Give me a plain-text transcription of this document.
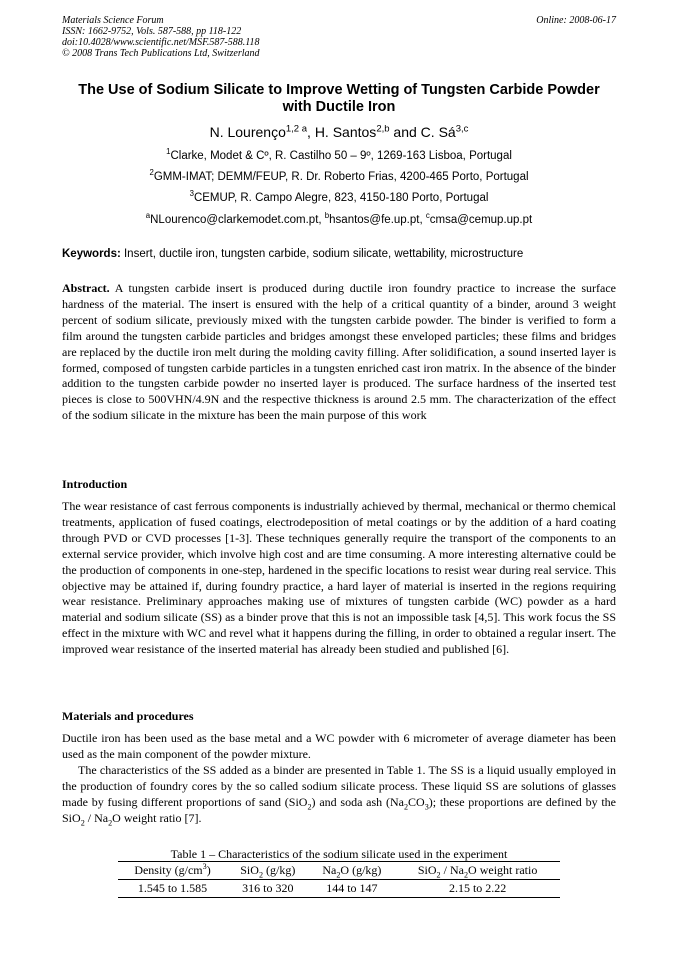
Materials Science Forum
ISSN: 1662-9752, Vols. 587-588, pp 118-122
doi:10.4028/www.scientific.net/MSF.587-588.118
© 2008 Trans Tech Publications Ltd, Switzerland
Online: 2008-06-17
The Use of Sodium Silicate to Improve Wetting of Tungsten Carbide Powder with Ductile Iron
N. Lourenço$^{1,2 a}$, H. Santos$^{2,b}$ and C. Sá$^{3,c}$
$^1$Clarke, Modet & Cº, R. Castilho 50 – 9º, 1269-163 Lisboa, Portugal
$^2$GMM-IMAT; DEMM/FEUP, R. Dr. Roberto Frias, 4200-465 Porto, Portugal
$^3$CEMUP, R. Campo Alegre, 823, 4150-180 Porto, Portugal
$^a$NLourenco@clarkemodet.com.pt, $^b$hsantos@fe.up.pt, $^c$cmsa@cemup.up.pt
Keywords: Insert, ductile iron, tungsten carbide, sodium silicate, wettability, microstructure
Abstract. A tungsten carbide insert is produced during ductile iron foundry practice to increase the surface hardness of the material. The insert is ensured with the help of a critical quantity of a binder, around 3 weight percent of sodium silicate, previously mixed with the tungsten carbide powder. The binder is verified to form a film around the tungsten carbide particles and bridges amongst these enveloped particles; these films and bridges are replaced by the ductile iron melt during the molding cavity filling. After solidification, a sound inserted layer is formed, composed of tungsten carbide particles in a tungsten enriched cast iron matrix. In the absence of the binder addition to the tungsten carbide powder no inserted layer is produced. The surface hardness of the inserted test pieces is close to 500VHN/4.9N and the respective thickness is around 2.5 mm. The characterization of the effect of the sodium silicate in the mixture has been the main purpose of this work
Introduction
The wear resistance of cast ferrous components is industrially achieved by thermal, mechanical or thermo chemical treatments, application of fused coatings, electrodeposition of metal coatings or by the addition of a hard coating through PVD or CVD processes [1-3]. These techniques generally require the transport of the components to an external service provider, which involve high cost and are time consuming. A more interesting alternative could be the production of components in one-step, hardened in the specific locations to resist wear during real service. This objective may be attained if, during foundry practice, a hard layer of material is inserted in the regions requiring wear resistance. Preliminary approaches making use of mixtures of tungsten carbide (WC) powder as a hard material and sodium silicate (SS) as a binder prove that this is not an impossible task [4,5]. This work focus the SS effect in the mixture with WC and revel what it happens during the filling, in order to obtained a regular insert. The improved wear resistance of the inserted material has already been studied and published [6].
Materials and procedures
Ductile iron has been used as the base metal and a WC powder with 6 micrometer of average diameter has been used as the main component of the powder mixture.
The characteristics of the SS added as a binder are presented in Table 1. The SS is a liquid usually employed in the production of foundry cores by the so called sodium silicate process. These liquid SS are solutions of glasses made by fusing different proportions of sand (SiO$_2$) and soda ash $(Na_2CO_3)$; these proportions are defined by the $SiO_2 / Na_2O$ weight ratio [7].
Table 1 – Characteristics of the sodium silicate used in the experiment
Density $(g/cm^3)$	SiO$_2$ (g/kg)	$Na_2O$ (g/kg)	$SiO_2 / Na_2O$ weight ratio
1.545 to 1.585	316 to 320	144 to 147	2.15 to 2.22
